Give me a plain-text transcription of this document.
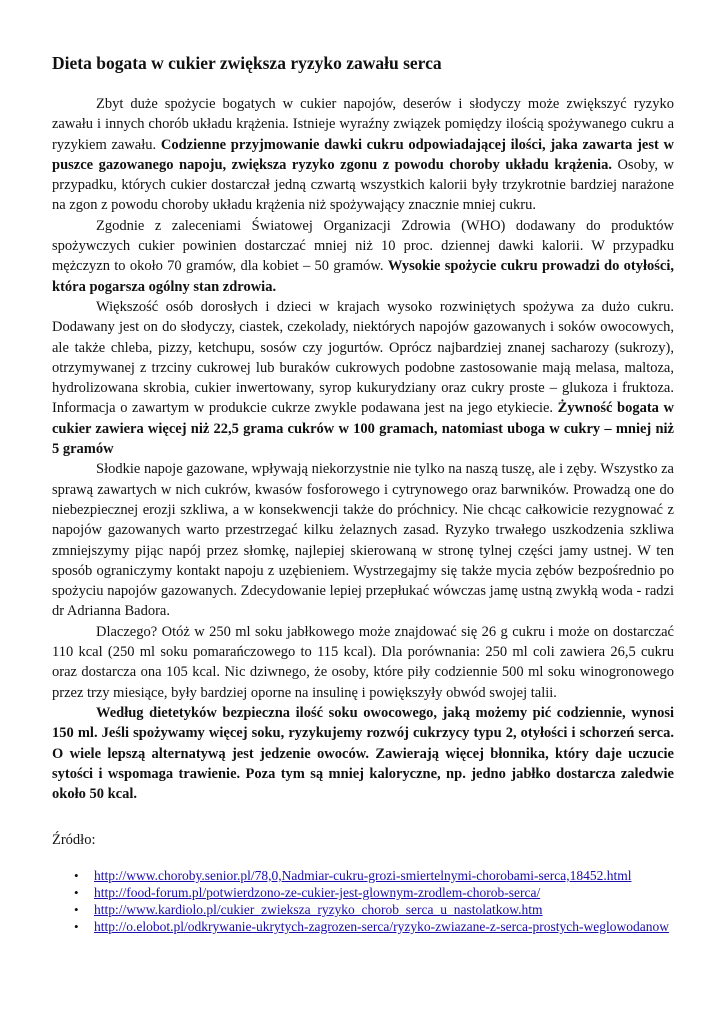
Dieta bogata w cukier zwiększa ryzyko zawału serca

Zbyt duże spożycie bogatych w cukier napojów, deserów i słodyczy może zwiększyć ryzyko zawału i innych chorób układu krążenia. Istnieje wyraźny związek pomiędzy ilością spożywanego cukru a ryzykiem zawału. Codzienne przyjmowanie dawki cukru odpowiadającej ilości, jaka zawarta jest w puszce gazowanego napoju, zwiększa ryzyko zgonu z powodu choroby układu krążenia. Osoby, w przypadku, których cukier dostarczał jedną czwartą wszystkich kalorii były trzykrotnie bardziej narażone na zgon z powodu choroby układu krążenia niż spożywający znacznie mniej cukru.

Zgodnie z zaleceniami Światowej Organizacji Zdrowia (WHO) dodawany do produktów spożywczych cukier powinien dostarczać mniej niż 10 proc. dziennej dawki kalorii. W przypadku mężczyzn to około 70 gramów, dla kobiet – 50 gramów. Wysokie spożycie cukru prowadzi do otyłości, która pogarsza ogólny stan zdrowia.

Większość osób dorosłych i dzieci w krajach wysoko rozwiniętych spożywa za dużo cukru. Dodawany jest on do słodyczy, ciastek, czekolady, niektórych napojów gazowanych i soków owocowych, ale także chleba, pizzy, ketchupu, sosów czy jogurtów. Oprócz najbardziej znanej sacharozy (sukrozy), otrzymywanej z trzciny cukrowej lub buraków cukrowych podobne zastosowanie mają melasa, maltoza, hydrolizowana skrobia, cukier inwertowany, syrop kukurydziany oraz cukry proste – glukoza i fruktoza. Informacja o zawartym w produkcie cukrze zwykle podawana jest na jego etykiecie. Żywność bogata w cukier zawiera więcej niż 22,5 grama cukrów w 100 gramach, natomiast uboga w cukry – mniej niż 5 gramów

Słodkie napoje gazowane, wpływają niekorzystnie nie tylko na naszą tuszę, ale i zęby. Wszystko za sprawą zawartych w nich cukrów, kwasów fosforowego i cytrynowego oraz barwników. Prowadzą one do niebezpiecznej erozji szkliwa, a w konsekwencji także do próchnicy. Nie chcąc całkowicie rezygnować z napojów gazowanych warto przestrzegać kilku żelaznych zasad. Ryzyko trwałego uszkodzenia szkliwa zmniejszymy pijąc napój przez słomkę, najlepiej skierowaną w stronę tylnej części jamy ustnej. W ten sposób ograniczymy kontakt napoju z uzębieniem. Wystrzegajmy się także mycia zębów bezpośrednio po spożyciu napojów gazowanych. Zdecydowanie lepiej przepłukać wówczas jamę ustną zwykłą woda - radzi dr Adrianna Badora.

Dlaczego? Otóż w 250 ml soku jabłkowego może znajdować się 26 g cukru i może on dostarczać 110 kcal (250 ml soku pomarańczowego to 115 kcal). Dla porównania: 250 ml coli zawiera 26,5 cukru oraz dostarcza ona 105 kcal. Nic dziwnego, że osoby, które piły codziennie 500 ml soku winogronowego przez trzy miesiące, były bardziej oporne na insulinę i powiększyły obwód swojej talii.

Według dietetyków bezpieczna ilość soku owocowego, jaką możemy pić codziennie, wynosi 150 ml. Jeśli spożywamy więcej soku, ryzykujemy rozwój cukrzycy typu 2, otyłości i schorzeń serca. O wiele lepszą alternatywą jest jedzenie owoców. Zawierają więcej błonnika, który daje uczucie sytości i wspomaga trawienie. Poza tym są mniej kaloryczne, np. jedno jabłko dostarcza zaledwie około 50 kcal.

Źródło:
• http://www.choroby.senior.pl/78,0,Nadmiar-cukru-grozi-smiertelnymi-chorobami-serca,18452.html
• http://food-forum.pl/potwierdzono-ze-cukier-jest-glownym-zrodlem-chorob-serca/
• http://www.kardiolo.pl/cukier_zwieksza_ryzyko_chorob_serca_u_nastolatkow.htm
• http://o.elobot.pl/odkrywanie-ukrytych-zagrozen-serca/ryzyko-zwiazane-z-serca-prostych-weglowodanow
